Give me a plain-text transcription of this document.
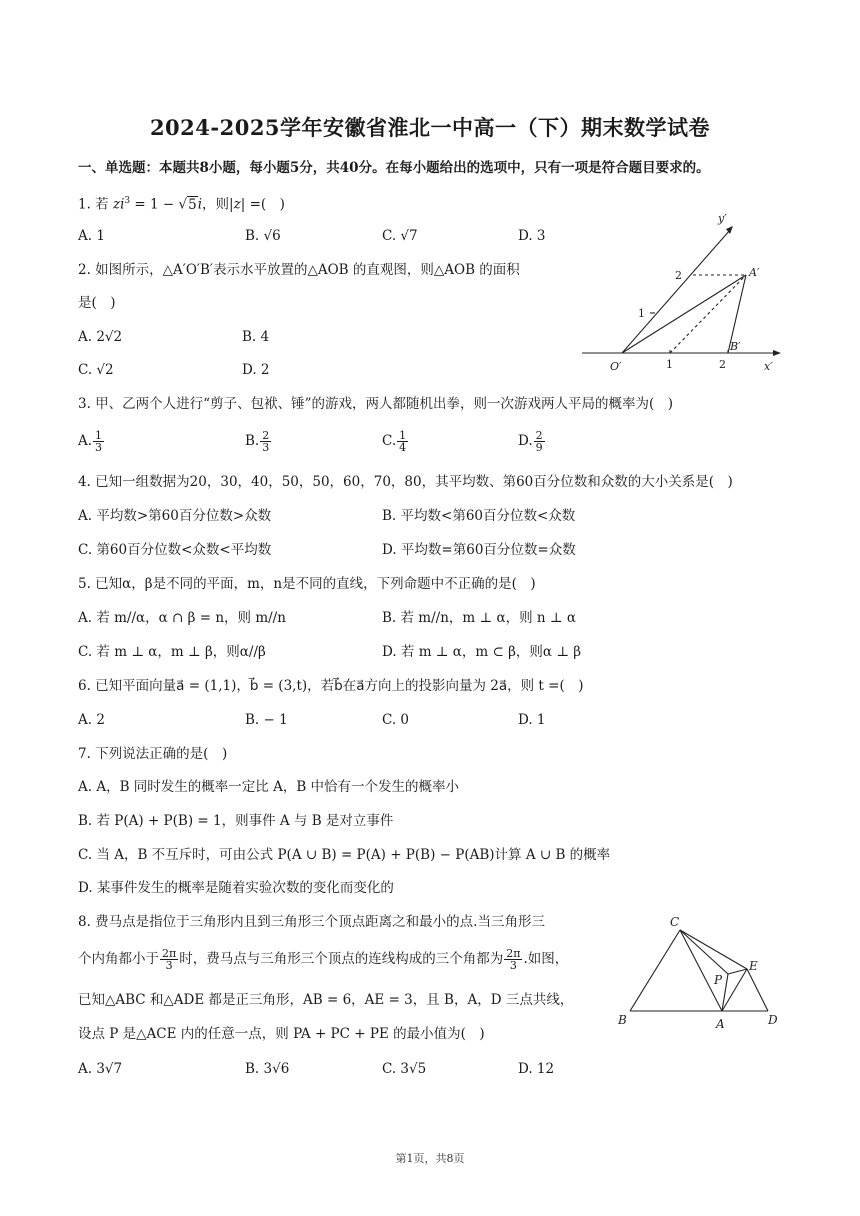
2024-2025学年安徽省淮北一中高一（下）期末数学试卷
一、单选题：本题共8小题，每小题5分，共40分。在每小题给出的选项中，只有一项是符合题目要求的。
1. 若 $zi^3 = 1 - √5i$，则|z| =(　)
A. 1	B. √6	C. √7	D. 3
2. 如图所示，△A′O′B′表示水平放置的△AOB 的直观图，则△AOB 的面积
是(　)
A. 2√2	B. 4
C. √2	D. 2
y′
x′
O′
A′
B′
2
1
1	2
3. 甲、乙两个人进行“剪子、包袱、锤”的游戏，两人都随机出拳，则一次游戏两人平局的概率为(　)
A. $\frac{1}{3}$	B. $\frac{2}{3}$	C. $\frac{1}{4}$	D. $\frac{2}{9}$
4. 已知一组数据为20，30，40，50，50，60，70，80，其平均数、第60百分位数和众数的大小关系是(　)
A. 平均数>第60百分位数>众数	B. 平均数<第60百分位数<众数
C. 第60百分位数<众数<平均数	D. 平均数=第60百分位数=众数
5. 已知α，β是不同的平面，m，n是不同的直线，下列命题中不正确的是(　)
A. 若 m//α，α ∩ β = n，则 m//n	B. 若 m//n，m ⊥ α，则 n ⊥ α
C. 若 m ⊥ α，m ⊥ β，则α//β	D. 若 m ⊥ α，m ⊂ β，则α ⊥ β
6. 已知平面向量a⃗ = (1,1)，b⃗ = (3,t)，若b⃗在a⃗方向上的投影向量为 2a⃗，则 t =(　)
A. 2	B. − 1	C. 0	D. 1
7. 下列说法正确的是(　)
A. A，B 同时发生的概率一定比 A，B 中恰有一个发生的概率小
B. 若 P(A) + P(B) = 1，则事件 A 与 B 是对立事件
C. 当 A，B 不互斥时，可由公式 P(A ∪ B) = P(A) + P(B) − P(AB)计算 A ∪ B 的概率
D. 某事件发生的概率是随着实验次数的变化而变化的
8. 费马点是指位于三角形内且到三角形三个顶点距离之和最小的点.当三角形三
个内角都小于 $\frac{2\pi}{3}$ 时，费马点与三角形三个顶点的连线构成的三个角都为 $\frac{2\pi}{3}$ .如图，
已知△ABC 和△ADE 都是正三角形，AB = 6，AE = 3，且 B，A，D 三点共线，
设点 P 是△ACE 内的任意一点，则 PA + PC + PE 的最小值为(　)
A. 3√7	B. 3√6	C. 3√5	D. 12
C
E
P
B	A	D
第1页，共8页
